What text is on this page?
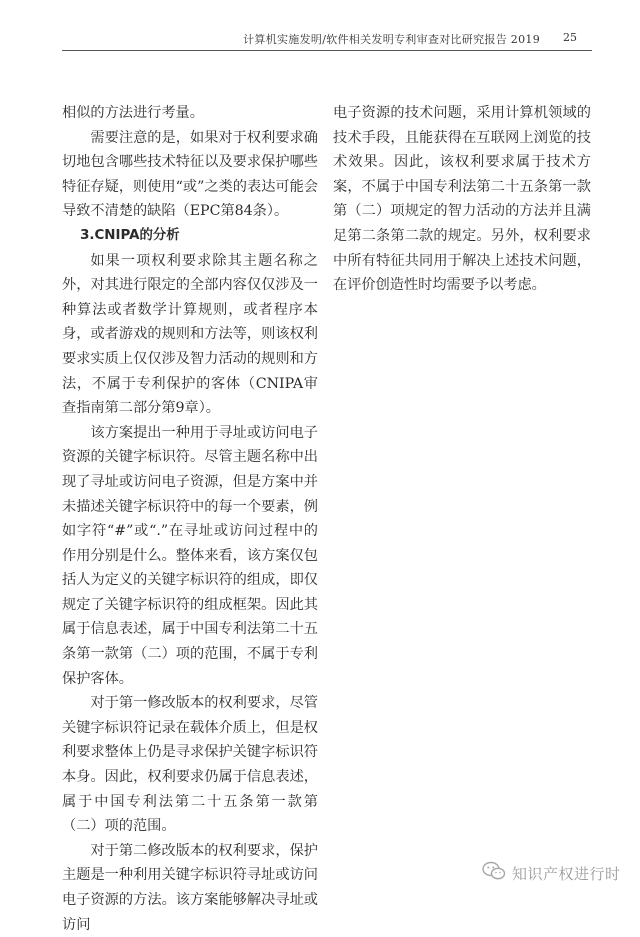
计算机实施发明/软件相关发明专利审查对比研究报告 2019 25

相似的方法进行考量。

需要注意的是，如果对于权利要求确切地包含哪些技术特征以及要求保护哪些特征存疑，则使用“或”之类的表达可能会导致不清楚的缺陷（EPC第84条）。

3.CNIPA的分析

如果一项权利要求除其主题名称之外，对其进行限定的全部内容仅仅涉及一种算法或者数学计算规则，或者程序本身，或者游戏的规则和方法等，则该权利要求实质上仅仅涉及智力活动的规则和方法，不属于专利保护的客体（CNIPA审查指南第二部分第9章）。

该方案提出一种用于寻址或访问电子资源的关键字标识符。尽管主题名称中出现了寻址或访问电子资源，但是方案中并未描述关键字标识符中的每一个要素，例如字符“#”或“.”在寻址或访问过程中的作用分别是什么。整体来看，该方案仅包括人为定义的关键字标识符的组成，即仅规定了关键字标识符的组成框架。因此其属于信息表述，属于中国专利法第二十五条第一款第（二）项的范围，不属于专利保护客体。

对于第一修改版本的权利要求，尽管关键字标识符记录在载体介质上，但是权利要求整体上仍是寻求保护关键字标识符本身。因此，权利要求仍属于信息表述，属于中国专利法第二十五条第一款第（二）项的范围。

对于第二修改版本的权利要求，保护主题是一种利用关键字标识符寻址或访问电子资源的方法。该方案能够解决寻址或访问

电子资源的技术问题，采用计算机领域的技术手段，且能获得在互联网上浏览的技术效果。因此，该权利要求属于技术方案，不属于中国专利法第二十五条第一款第（二）项规定的智力活动的方法并且满足第二条第二款的规定。另外，权利要求中所有特征共同用于解决上述技术问题，在评价创造性时均需要予以考虑。

知识产权进行时
